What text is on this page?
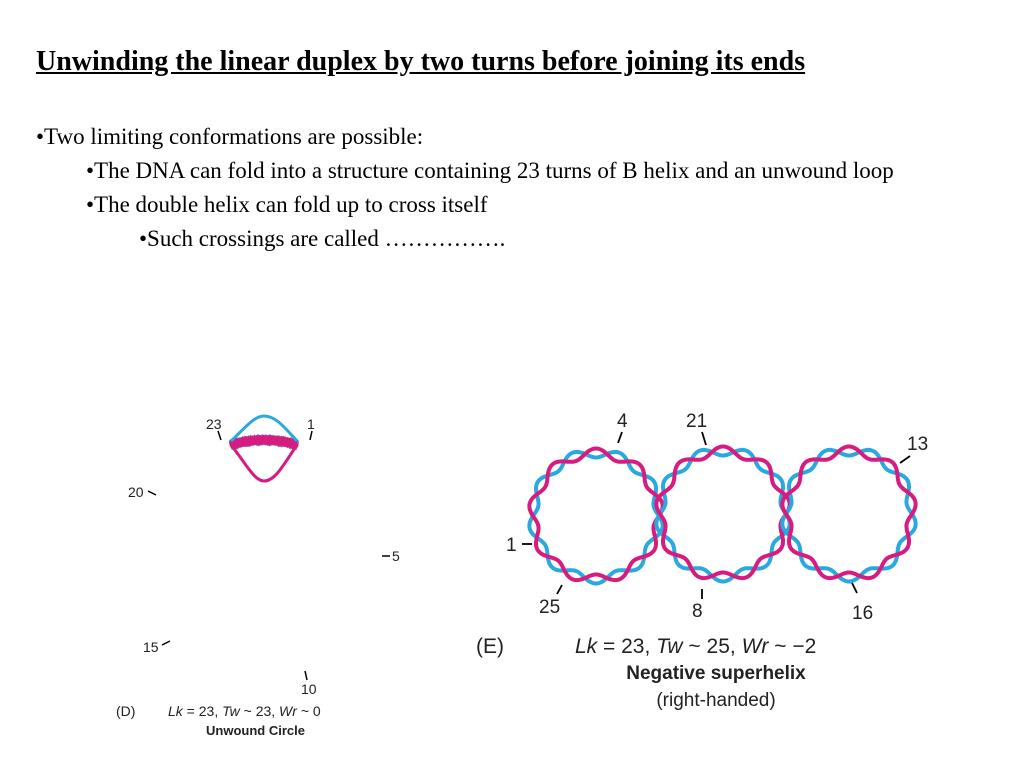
Unwinding the linear duplex by two turns before joining its ends
•Two limiting conformations are possible:
•The DNA can fold into a structure containing 23 turns of B helix and an unwound loop
•The double helix can fold up to cross itself
•Such crossings are called …………….
23	1
20
5
15
10
(D) Lk = 23, Tw ~ 23, Wr ~ 0
Unwound Circle
4	21
13
1
25	8	16
(E)	Lk = 23, Tw ~ 25, Wr ~ −2
Negative superhelix
(right-handed)
